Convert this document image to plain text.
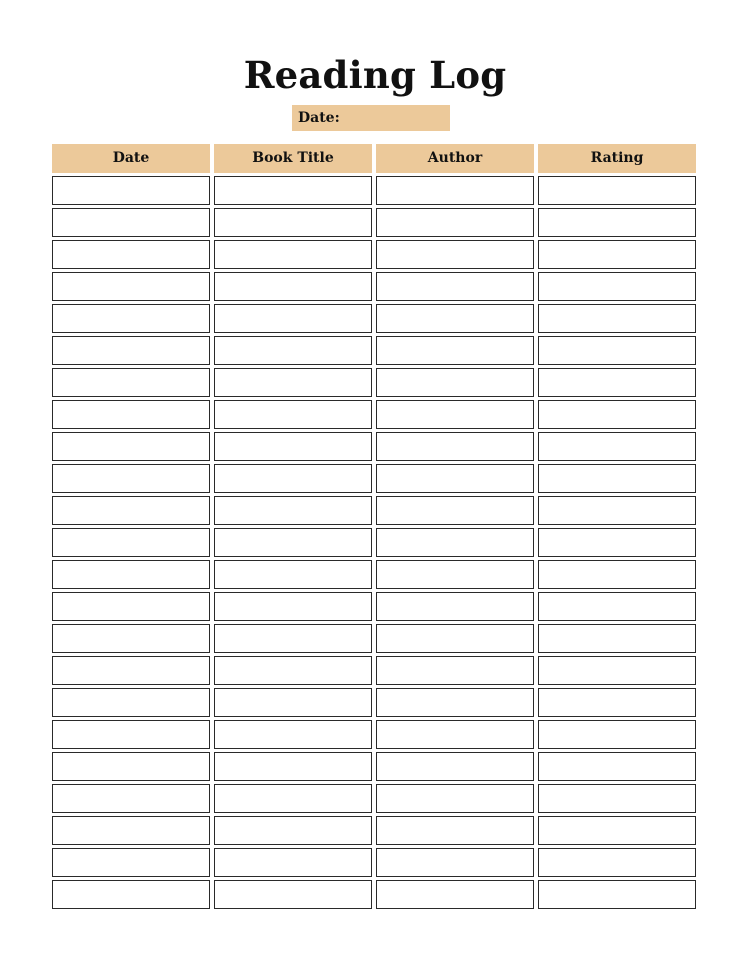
Reading Log
Date:
Date	Book Title	Author	Rating
